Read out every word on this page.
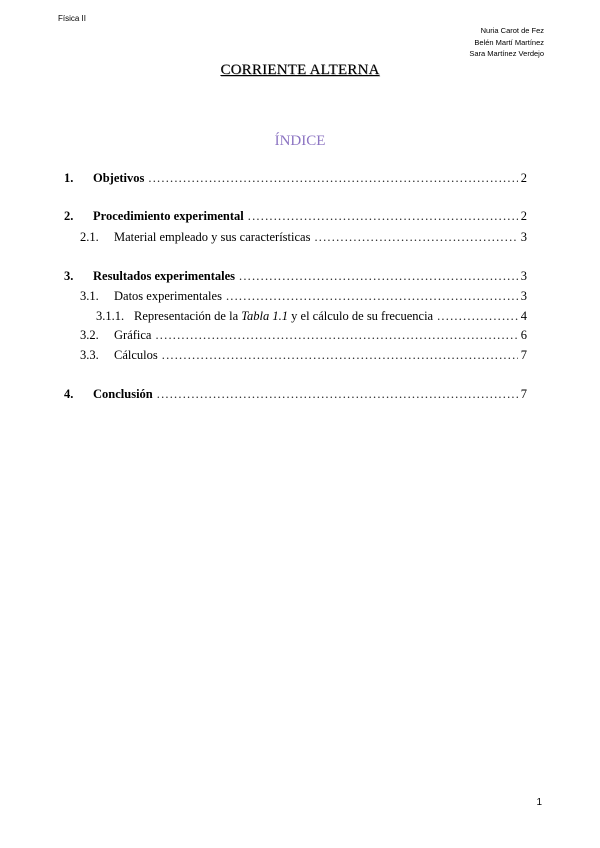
Física II
Nuria Carot de Fez
Belén Martí Martínez
Sara Martínez Verdejo
CORRIENTE ALTERNA
ÍNDICE
1.	Objetivos .....	2
2.	Procedimiento experimental .....	2
2.1.	Material empleado y sus características .....	3
3.	Resultados experimentales .....	3
3.1.	Datos experimentales .....	3
3.1.1. Representación de la Tabla 1.1 y el cálculo de su frecuencia .....	4
3.2.	Gráfica .....	6
3.3.	Cálculos .....	7
4.	Conclusión .....	7
1
